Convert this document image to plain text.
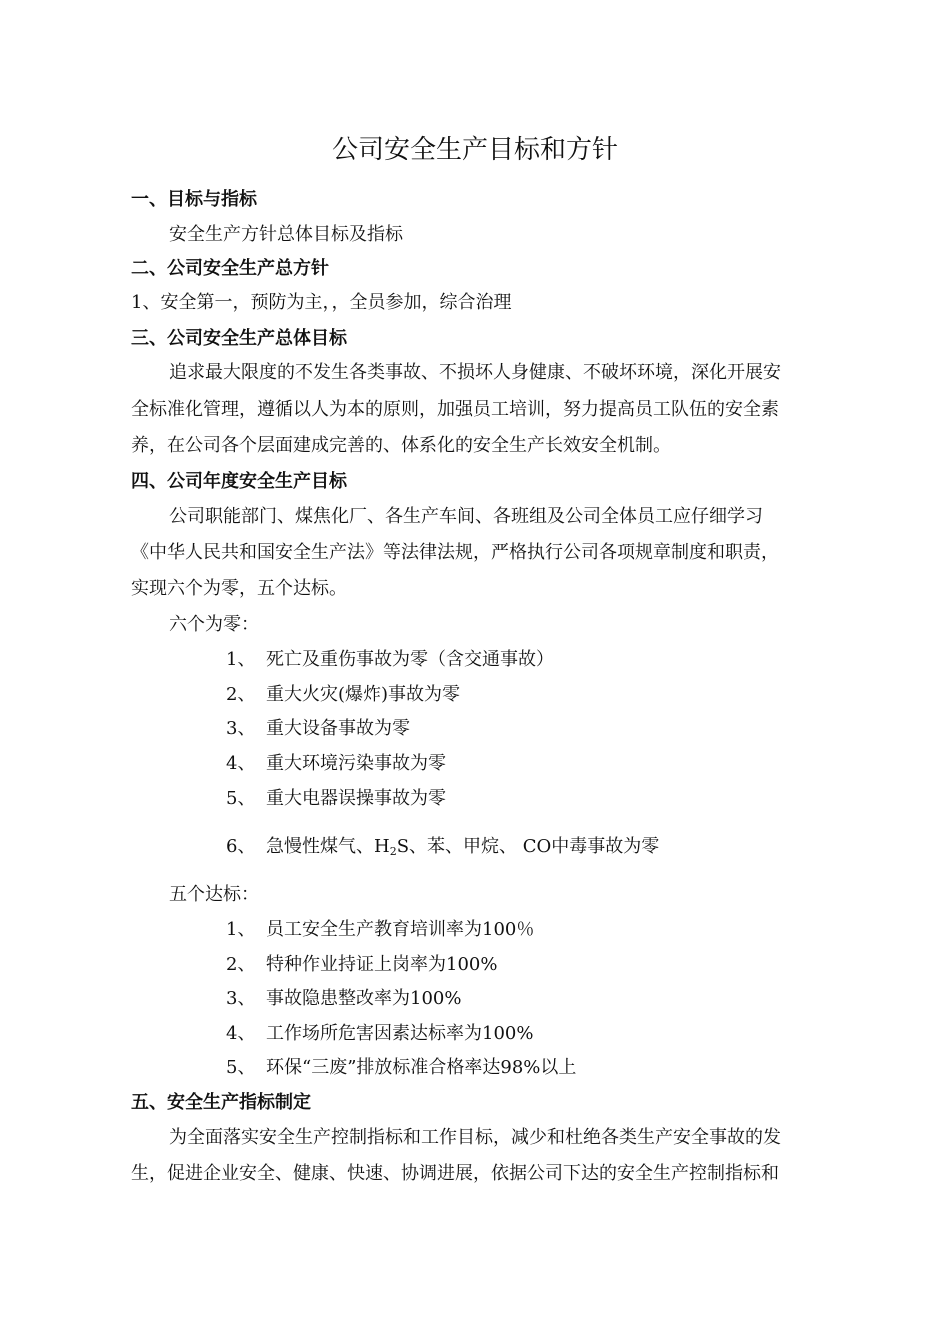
公司安全生产目标和方针
一、目标与指标
安全生产方针总体目标及指标
二、公司安全生产总方针
1、安全第一，预防为主，，全员参加，综合治理
三、公司安全生产总体目标
追求最大限度的不发生各类事故、不损坏人身健康、不破坏环境，深化开展安
全标准化管理，遵循以人为本的原则，加强员工培训，努力提高员工队伍的安全素
养，在公司各个层面建成完善的、体系化的安全生产长效安全机制。
四、公司年度安全生产目标
公司职能部门、煤焦化厂、各生产车间、各班组及公司全体员工应仔细学习
《中华人民共和国安全生产法》等法律法规，严格执行公司各项规章制度和职责，
实现六个为零，五个达标。
六个为零：
1、 死亡及重伤事故为零（含交通事故）
2、 重大火灾(爆炸)事故为零
3、 重大设备事故为零
4、 重大环境污染事故为零
5、 重大电器误操事故为零
6、 急慢性煤气、$H_2S$、苯、甲烷、 CO中毒事故为零
五个达标：
1、 员工安全生产教育培训率为100％
2、 特种作业持证上岗率为100%
3、 事故隐患整改率为100%
4、 工作场所危害因素达标率为100%
5、 环保“三废”排放标准合格率达98%以上
五、安全生产指标制定
为全面落实安全生产控制指标和工作目标，减少和杜绝各类生产安全事故的发
生，促进企业安全、健康、快速、协调进展，依据公司下达的安全生产控制指标和
